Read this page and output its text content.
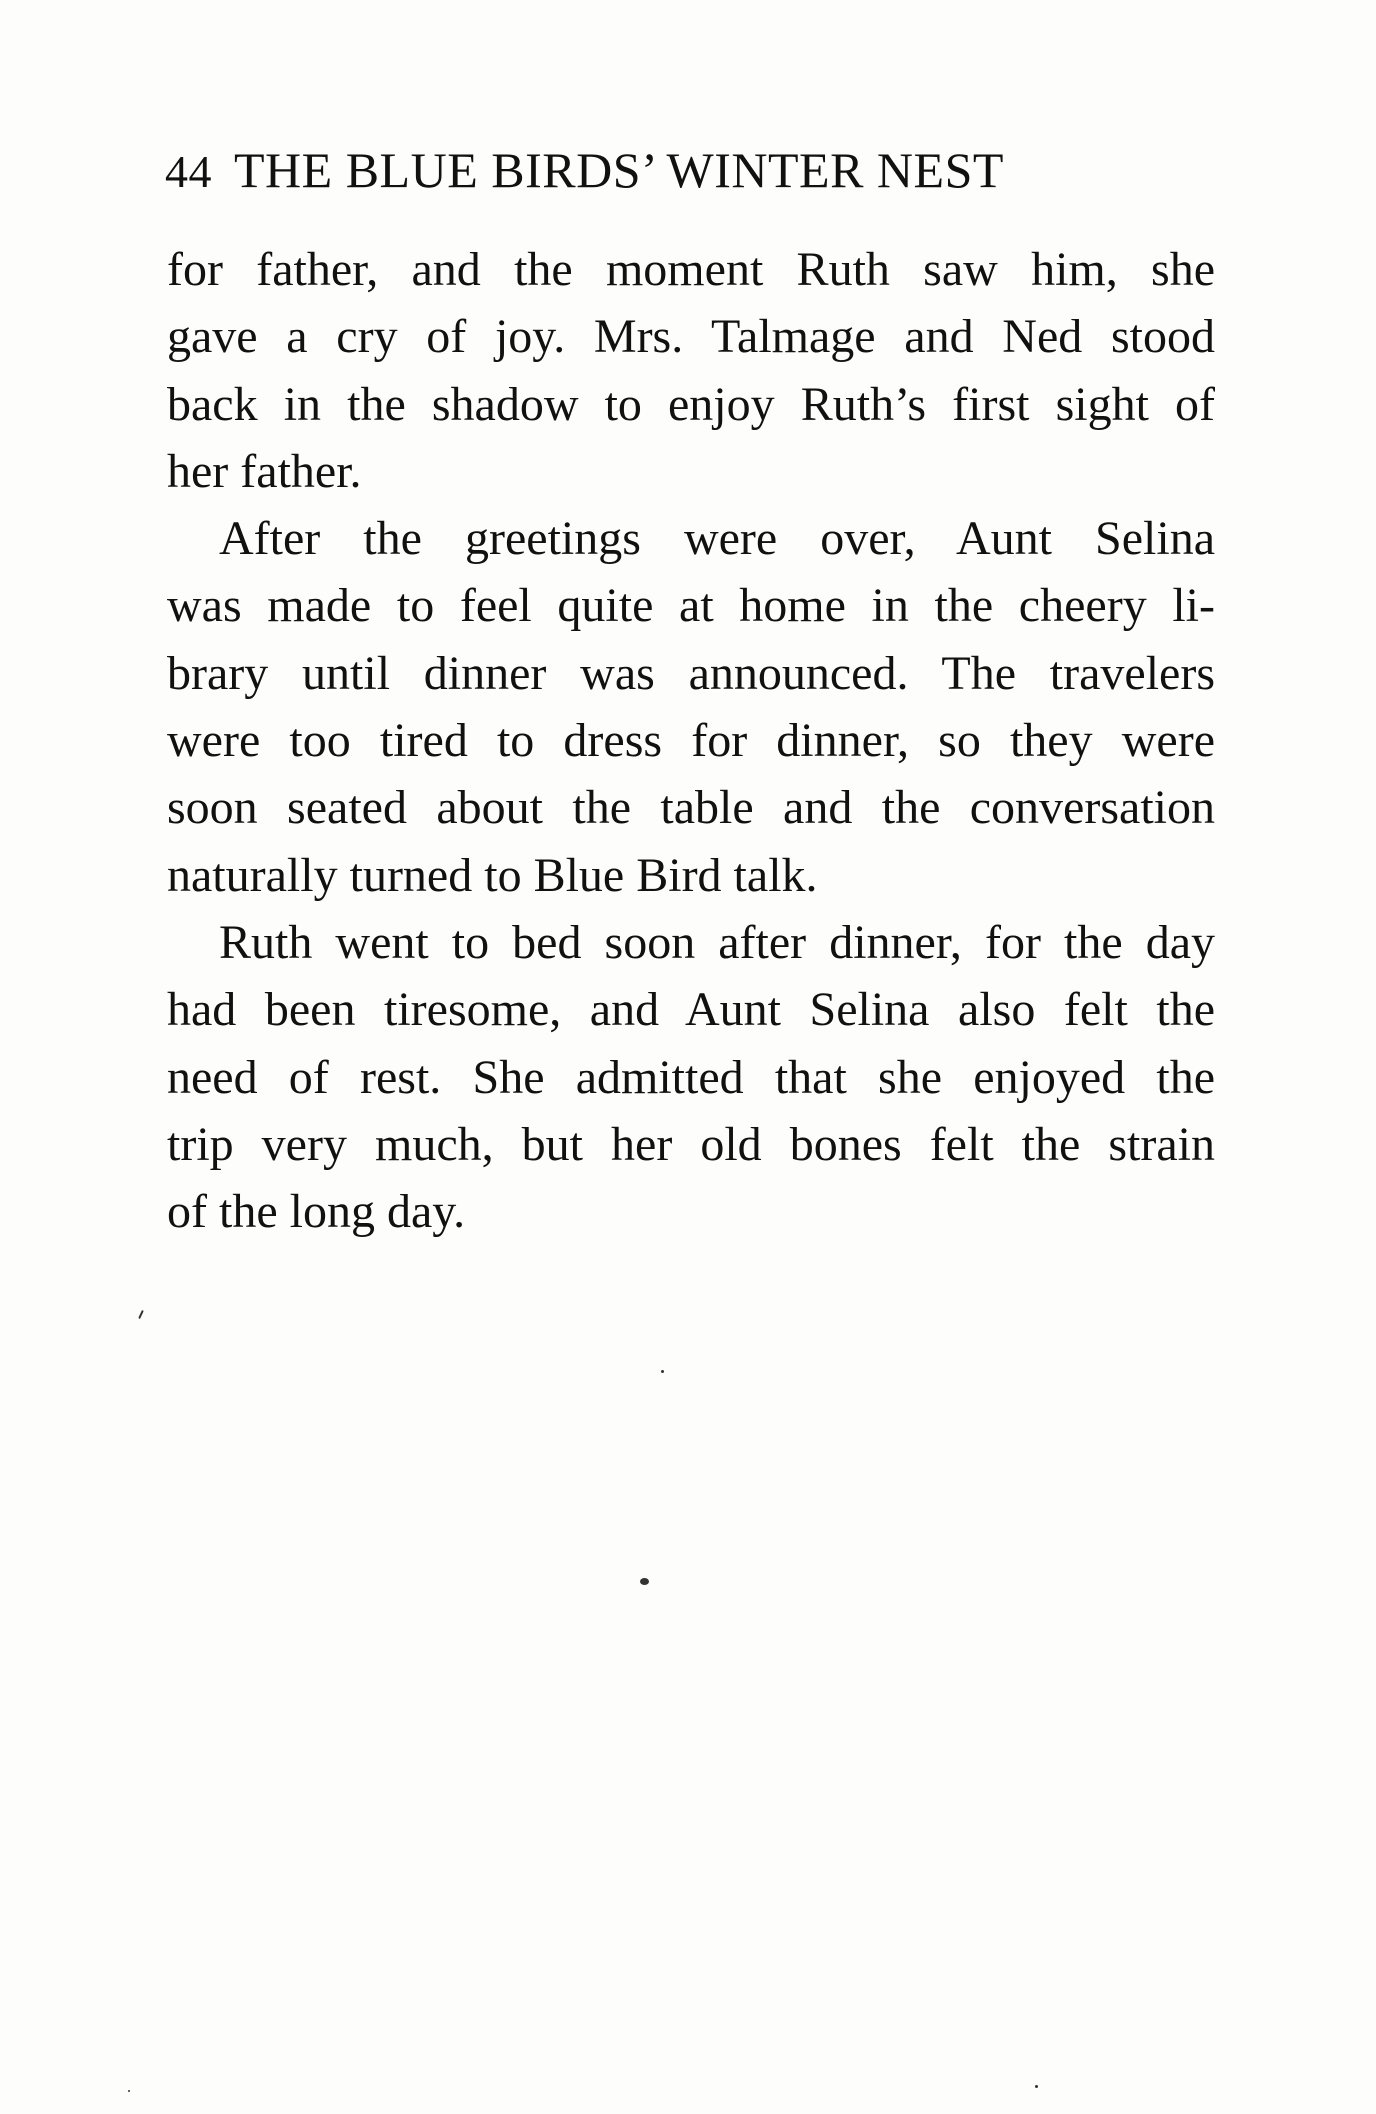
44 THE BLUE BIRDS’ WINTER NEST
for father, and the moment Ruth saw him, she
gave a cry of joy. Mrs. Talmage and Ned stood
back in the shadow to enjoy Ruth’s first sight of
her father.
After the greetings were over, Aunt Selina
was made to feel quite at home in the cheery li-
brary until dinner was announced. The travelers
were too tired to dress for dinner, so they were
soon seated about the table and the conversation
naturally turned to Blue Bird talk.
Ruth went to bed soon after dinner, for the day
had been tiresome, and Aunt Selina also felt the
need of rest. She admitted that she enjoyed the
trip very much, but her old bones felt the strain
of the long day.
